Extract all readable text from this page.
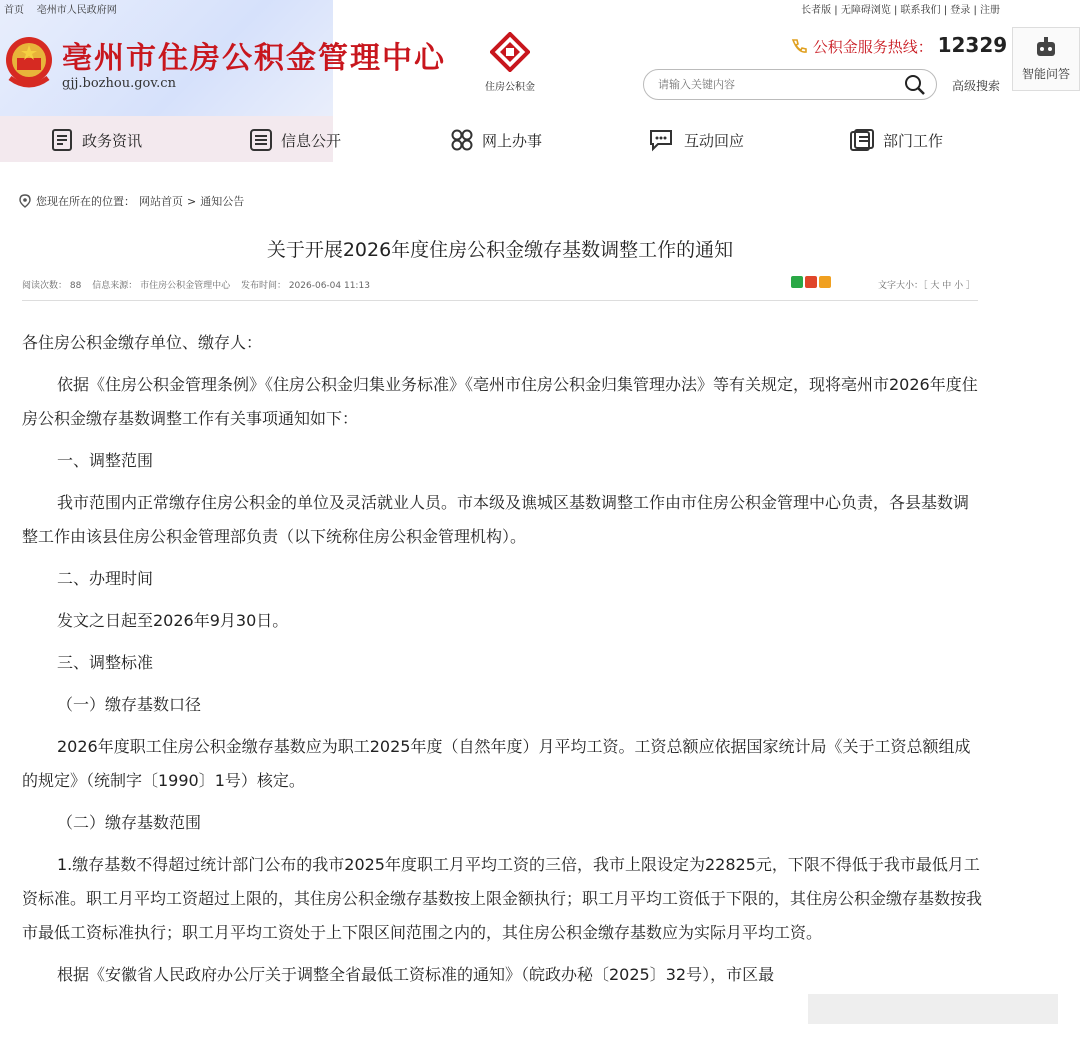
首页 亳州市人民政府网	长者版 | 无障碍浏览 | 联系我们 | 登录 | 注册
亳州市住房公积金管理中心
gjj.bozhou.gov.cn	住房公积金
公积金服务热线： 12329
智能问答
请输入关键内容
高级搜索
政务资讯	信息公开	网上办事	互动回应	部门工作
您现在所在的位置： 网站首页 > 通知公告
关于开展2026年度住房公积金缴存基数调整工作的通知
阅读次数： 88 信息来源： 市住房公积金管理中心 发布时间： 2026-06-04 11:13	文字大小：［ 大 中 小 ］

各住房公积金缴存单位、缴存人：

依据《住房公积金管理条例》《住房公积金归集业务标准》《亳州市住房公积金归集管理办法》等有关规定，现将亳州市2026年度住房公积金缴存基数调整工作有关事项通知如下：

一、调整范围

我市范围内正常缴存住房公积金的单位及灵活就业人员。市本级及谯城区基数调整工作由市住房公积金管理中心负责，各县基数调整工作由该县住房公积金管理部负责（以下统称住房公积金管理机构）。

二、办理时间

发文之日起至2026年9月30日。

三、调整标准

（一）缴存基数口径

2026年度职工住房公积金缴存基数应为职工2025年度（自然年度）月平均工资。工资总额应依据国家统计局《关于工资总额组成的规定》（统制字〔1990〕1号）核定。

（二）缴存基数范围

1.缴存基数不得超过统计部门公布的我市2025年度职工月平均工资的三倍，我市上限设定为22825元，下限不得低于我市最低月工资标准。职工月平均工资超过上限的，其住房公积金缴存基数按上限金额执行；职工月平均工资低于下限的，其住房公积金缴存基数按我市最低工资标准执行；职工月平均工资处于上下限区间范围之内的，其住房公积金缴存基数应为实际月平均工资。

根据《安徽省人民政府办公厅关于调整全省最低工资标准的通知》（皖政办秘〔2025〕32号），市区最
